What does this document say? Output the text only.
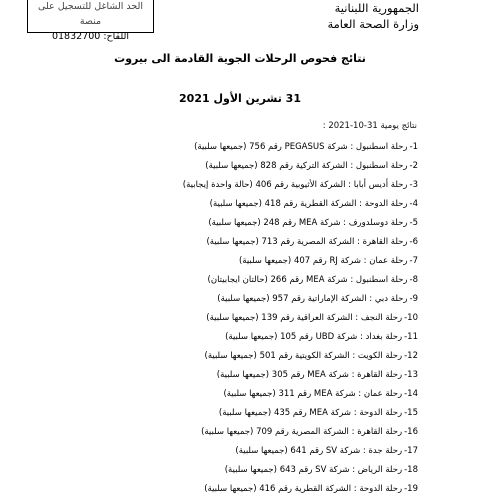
الحد الشاغل للتسجيل على منصة
اللقاح: 01832700
الجمهورية اللبنانية
وزارة الصحة العامة
نتائج فحوص الرحلات الجوية القادمة الى بيروت
31 تشرين الأول 2021
نتائج يومية 31-10-2021 :
1-رحلة اسطنبول : شركة PEGASUS رقم 756 (جميعها سلبية)
2-رحلة اسطنبول : الشركة التركية رقم 828 (جميعها سلبية)
3-رحلة أديس أبابا : الشركة الأثيوبية رقم 406 (حالة واحدة إيجابية)
4-رحلة الدوحة : الشركة القطرية رقم 418 (جميعها سلبية)
5-رحلة دوسلدورف : شركة MEA رقم 248 (جميعها سلبية)
6-رحلة القاهرة : الشركة المصرية رقم 713 (جميعها سلبية)
7-رحلة عمان : شركة RJ رقم 407 (جميعها سلبية)
8-رحلة اسطنبول : شركة MEA رقم 266 (حالتان ايجابيتان)
9-رحلة دبي : الشركة الإماراتية رقم 957 (جميعها سلبية)
10-رحلة النجف : الشركة العراقية رقم 139 (جميعها سلبية)
11-رحلة بغداد : شركة UBD رقم 105 (جميعها سلبية)
12-رحلة الكويت : الشركة الكويتية رقم 501 (جميعها سلبية)
13-رحلة القاهرة : شركة MEA رقم 305 (جميعها سلبية)
14-رحلة عمان : شركة MEA رقم 311 (جميعها سلبية)
15-رحلة الدوحة : شركة MEA رقم 435 (جميعها سلبية)
16-رحلة القاهرة : الشركة المصرية رقم 709 (جميعها سلبية)
17-رحلة جدة : شركة SV رقم 641 (جميعها سلبية)
18-رحلة الرياض : شركة SV رقم 643 (جميعها سلبية)
19-رحلة الدوحة : الشركة القطرية رقم 416 (جميعها سلبية)
